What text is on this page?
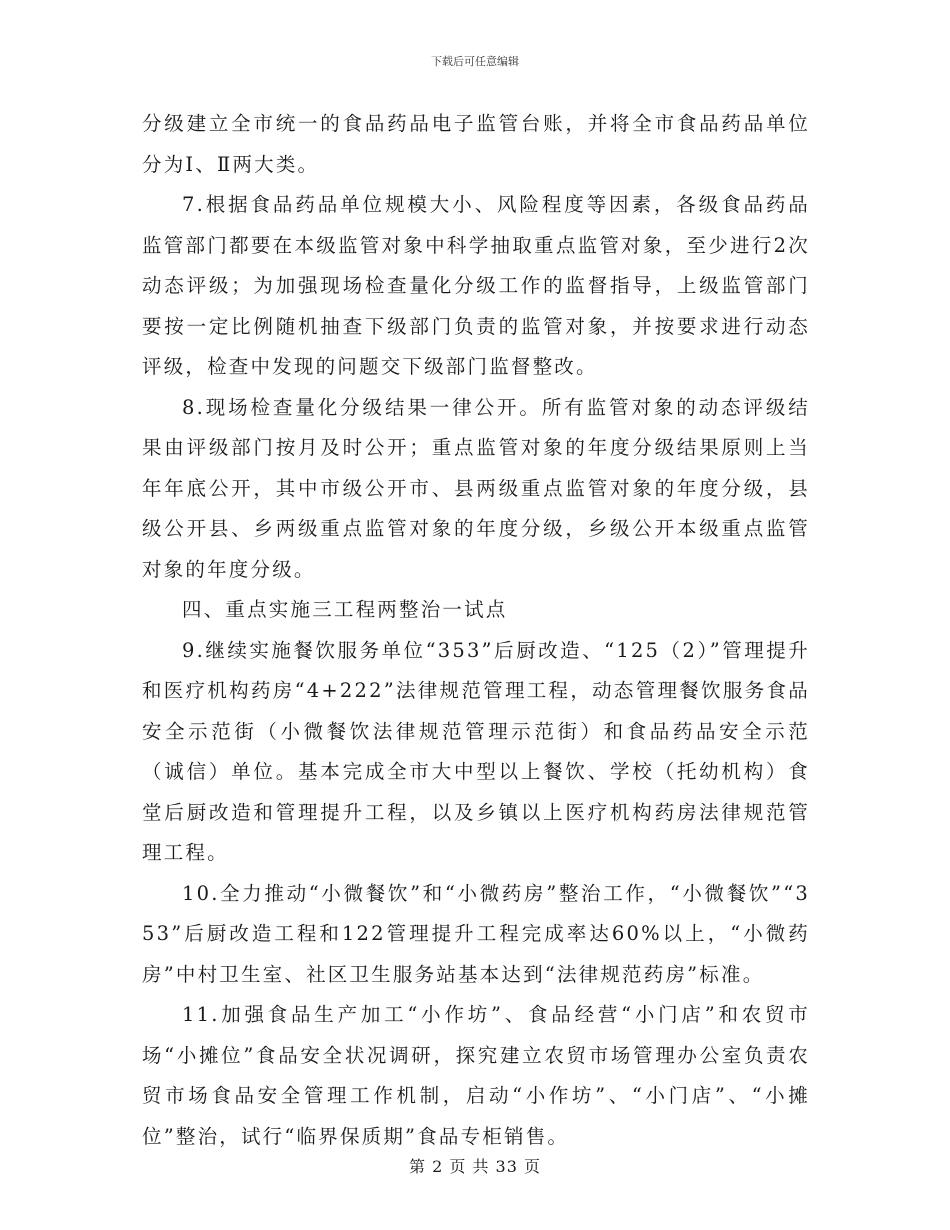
下载后可任意编辑

分级建立全市统一的食品药品电子监管台账，并将全市食品药品单位分为Ⅰ、Ⅱ两大类。

7.根据食品药品单位规模大小、风险程度等因素，各级食品药品监管部门都要在本级监管对象中科学抽取重点监管对象，至少进行2次动态评级；为加强现场检查量化分级工作的监督指导，上级监管部门要按一定比例随机抽查下级部门负责的监管对象，并按要求进行动态评级，检查中发现的问题交下级部门监督整改。

8.现场检查量化分级结果一律公开。所有监管对象的动态评级结果由评级部门按月及时公开；重点监管对象的年度分级结果原则上当年年底公开，其中市级公开市、县两级重点监管对象的年度分级，县级公开县、乡两级重点监管对象的年度分级，乡级公开本级重点监管对象的年度分级。

四、重点实施三工程两整治一试点

9.继续实施餐饮服务单位“353”后厨改造、“125（2）”管理提升和医疗机构药房“4+222”法律规范管理工程，动态管理餐饮服务食品安全示范街（小微餐饮法律规范管理示范街）和食品药品安全示范（诚信）单位。基本完成全市大中型以上餐饮、学校（托幼机构）食堂后厨改造和管理提升工程，以及乡镇以上医疗机构药房法律规范管理工程。

10.全力推动“小微餐饮”和“小微药房”整治工作，“小微餐饮”“353”后厨改造工程和122管理提升工程完成率达60%以上，“小微药房”中村卫生室、社区卫生服务站基本达到“法律规范药房”标准。

11.加强食品生产加工“小作坊”、食品经营“小门店”和农贸市场“小摊位”食品安全状况调研，探究建立农贸市场管理办公室负责农贸市场食品安全管理工作机制，启动“小作坊”、“小门店”、“小摊位”整治，试行“临界保质期”食品专柜销售。

第 2 页 共 33 页
